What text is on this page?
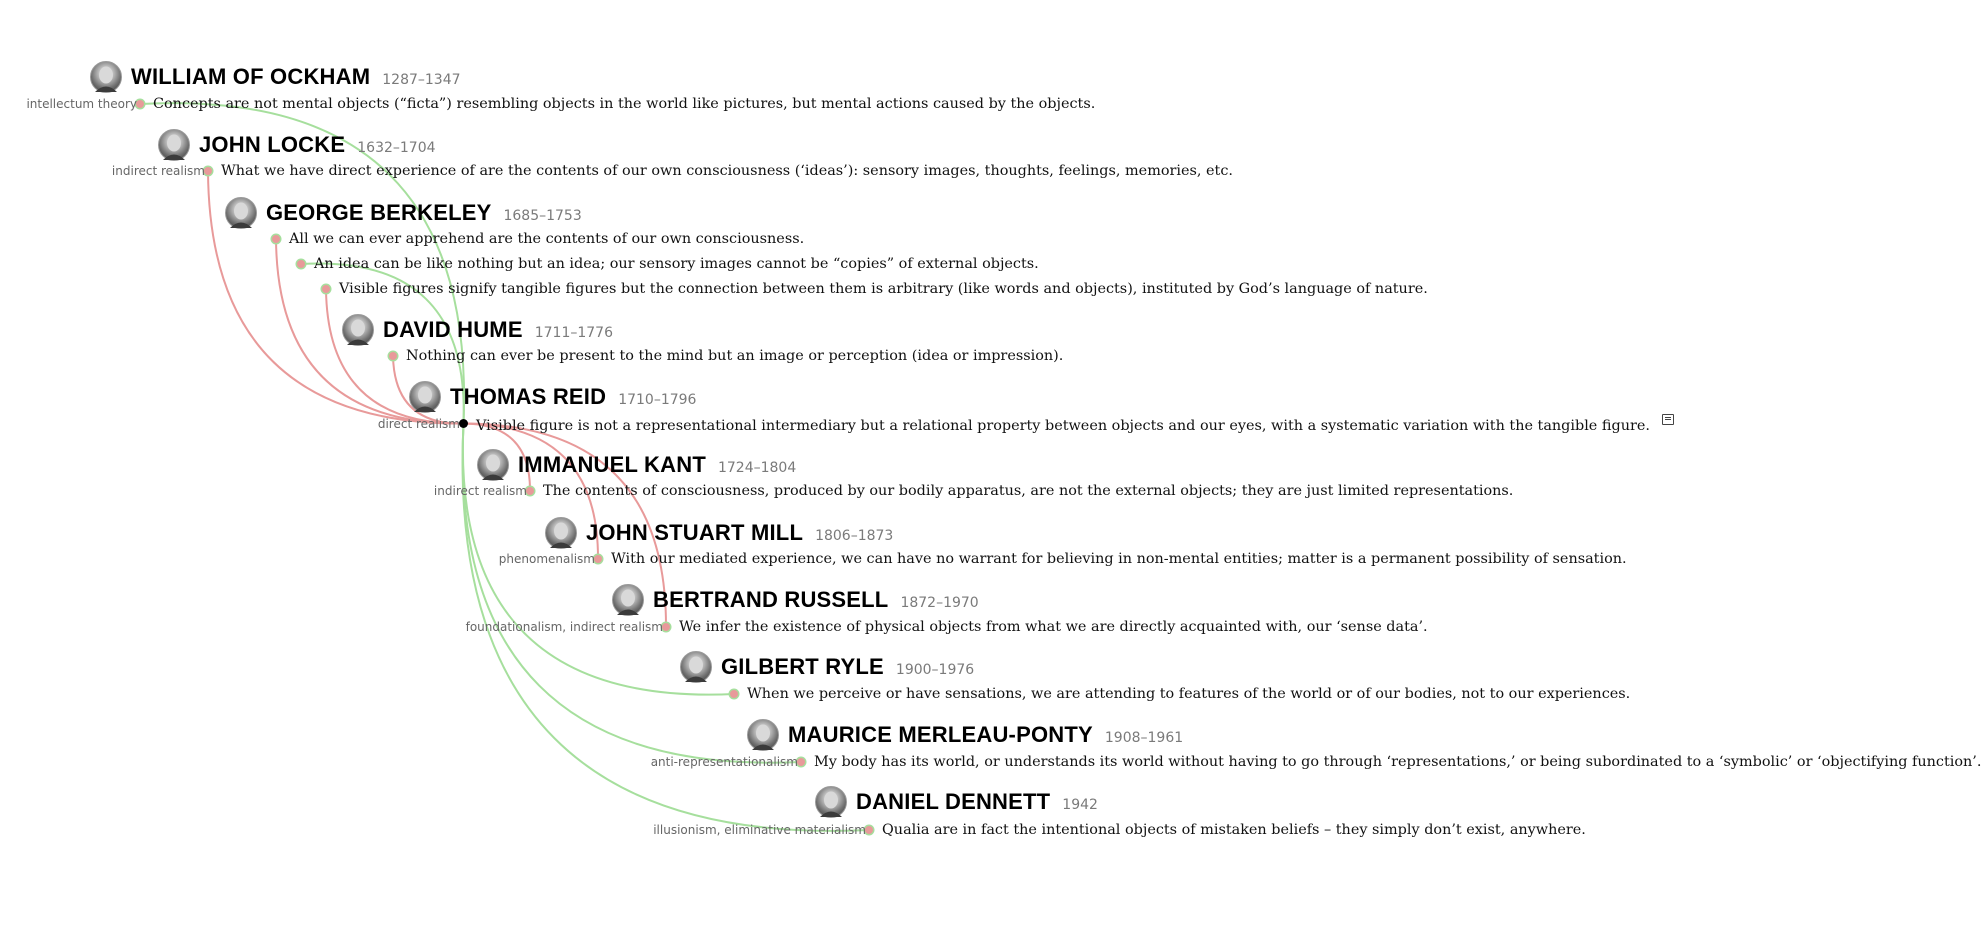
WILLIAM OF OCKHAM 1287–1347
JOHN LOCKE 1632–1704
GEORGE BERKELEY 1685–1753
DAVID HUME 1711–1776
THOMAS REID 1710–1796
IMMANUEL KANT 1724–1804
JOHN STUART MILL 1806–1873
BERTRAND RUSSELL 1872–1970
GILBERT RYLE 1900–1976
MAURICE MERLEAU-PONTY 1908–1961
DANIEL DENNETT 1942
intellectum theory Concepts are not mental objects (“ficta”) resembling objects in the world like pictures, but mental actions caused by the objects.
indirect realism What we have direct experience of are the contents of our own consciousness (‘ideas’): sensory images, thoughts, feelings, memories, etc.
All we can ever apprehend are the contents of our own consciousness.
An idea can be like nothing but an idea; our sensory images cannot be “copies” of external objects.
Visible figures signify tangible figures but the connection between them is arbitrary (like words and objects), instituted by God’s language of nature.
Nothing can ever be present to the mind but an image or perception (idea or impression).
direct realism Visible figure is not a representational intermediary but a relational property between objects and our eyes, with a systematic variation with the tangible figure.
indirect realism The contents of consciousness, produced by our bodily apparatus, are not the external objects; they are just limited representations.
phenomenalism With our mediated experience, we can have no warrant for believing in non-mental entities; matter is a permanent possibility of sensation.
foundationalism, indirect realism We infer the existence of physical objects from what we are directly acquainted with, our ‘sense data’.
When we perceive or have sensations, we are attending to features of the world or of our bodies, not to our experiences.
anti-representationalism My body has its world, or understands its world without having to go through ‘representations,’ or being subordinated to a ‘symbolic’ or ‘objectifying function’.
illusionism, eliminative materialism Qualia are in fact the intentional objects of mistaken beliefs – they simply don’t exist, anywhere.
